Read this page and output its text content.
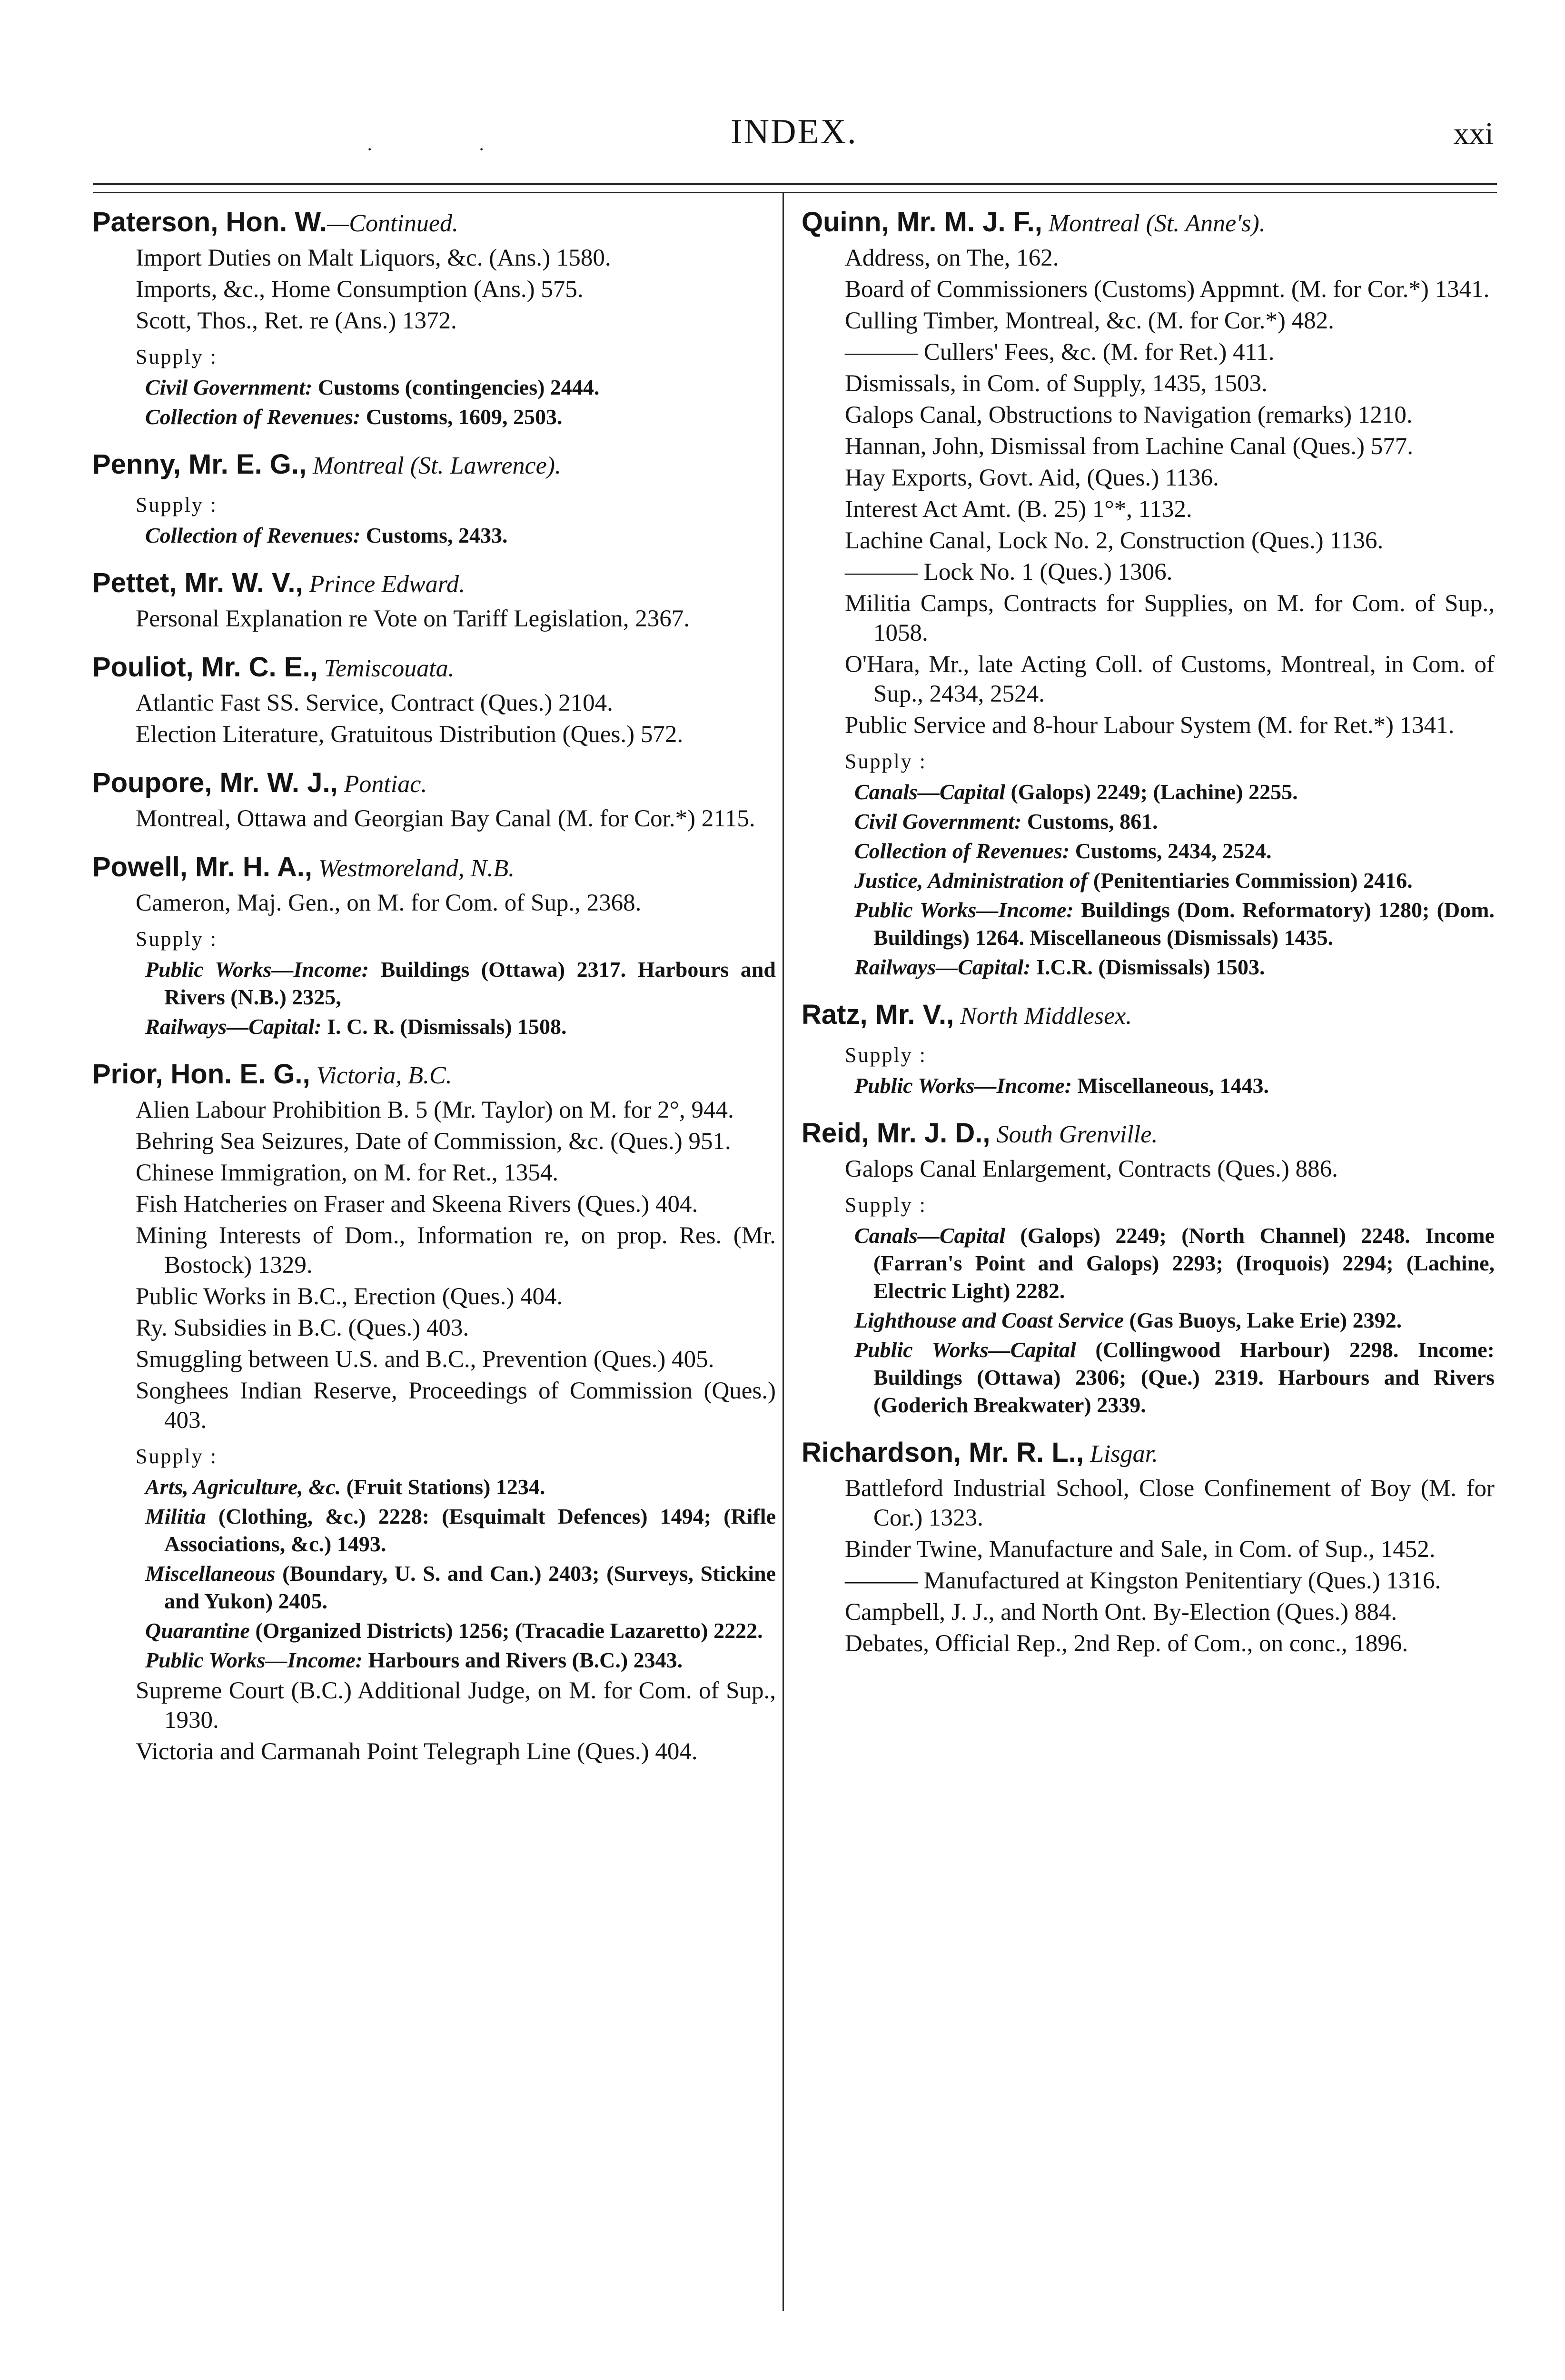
·	·	INDEX.	xxi
Paterson, Hon. W.—Continued.
Import Duties on Malt Liquors, &c. (Ans.) 1580.
Imports, &c., Home Consumption (Ans.) 575.
Scott, Thos., Ret. re (Ans.) 1372.
Supply :
Civil Government: Customs (contingencies) 2444.
Collection of Revenues: Customs, 1609, 2503.
Penny, Mr. E. G., Montreal (St. Lawrence).
Supply :
Collection of Revenues: Customs, 2433.
Pettet, Mr. W. V., Prince Edward.
Personal Explanation re Vote on Tariff Legislation, 2367.
Pouliot, Mr. C. E., Temiscouata.
Atlantic Fast SS. Service, Contract (Ques.) 2104.
Election Literature, Gratuitous Distribution (Ques.) 572.
Poupore, Mr. W. J., Pontiac.
Montreal, Ottawa and Georgian Bay Canal (M. for Cor.*) 2115.
Powell, Mr. H. A., Westmoreland, N.B.
Cameron, Maj. Gen., on M. for Com. of Sup., 2368.
Supply :
Public Works—Income: Buildings (Ottawa) 2317. Harbours and Rivers (N.B.) 2325,
Railways—Capital: I. C. R. (Dismissals) 1508.
Prior, Hon. E. G., Victoria, B.C.
Alien Labour Prohibition B. 5 (Mr. Taylor) on M. for 2°, 944.
Behring Sea Seizures, Date of Commission, &c. (Ques.) 951.
Chinese Immigration, on M. for Ret., 1354.
Fish Hatcheries on Fraser and Skeena Rivers (Ques.) 404.
Mining Interests of Dom., Information re, on prop. Res. (Mr. Bostock) 1329.
Public Works in B.C., Erection (Ques.) 404.
Ry. Subsidies in B.C. (Ques.) 403.
Smuggling between U.S. and B.C., Prevention (Ques.) 405.
Songhees Indian Reserve, Proceedings of Commission (Ques.) 403.
Supply :
Arts, Agriculture, &c. (Fruit Stations) 1234.
Militia (Clothing, &c.) 2228: (Esquimalt Defences) 1494; (Rifle Associations, &c.) 1493.
Miscellaneous (Boundary, U. S. and Can.) 2403; (Surveys, Stickine and Yukon) 2405.
Quarantine (Organized Districts) 1256; (Tracadie Lazaretto) 2222.
Public Works—Income: Harbours and Rivers (B.C.) 2343.
Supreme Court (B.C.) Additional Judge, on M. for Com. of Sup., 1930.
Victoria and Carmanah Point Telegraph Line (Ques.) 404.
Quinn, Mr. M. J. F., Montreal (St. Anne's).
Address, on The, 162.
Board of Commissioners (Customs) Appmnt. (M. for Cor.*) 1341.
Culling Timber, Montreal, &c. (M. for Cor.*) 482.
——— Cullers' Fees, &c. (M. for Ret.) 411.
Dismissals, in Com. of Supply, 1435, 1503.
Galops Canal, Obstructions to Navigation (remarks) 1210.
Hannan, John, Dismissal from Lachine Canal (Ques.) 577.
Hay Exports, Govt. Aid, (Ques.) 1136.
Interest Act Amt. (B. 25) 1°*, 1132.
Lachine Canal, Lock No. 2, Construction (Ques.) 1136.
——— Lock No. 1 (Ques.) 1306.
Militia Camps, Contracts for Supplies, on M. for Com. of Sup., 1058.
O'Hara, Mr., late Acting Coll. of Customs, Montreal, in Com. of Sup., 2434, 2524.
Public Service and 8-hour Labour System (M. for Ret.*) 1341.
Supply :
Canals—Capital (Galops) 2249; (Lachine) 2255.
Civil Government: Customs, 861.
Collection of Revenues: Customs, 2434, 2524.
Justice, Administration of (Penitentiaries Commission) 2416.
Public Works—Income: Buildings (Dom. Reformatory) 1280; (Dom. Buildings) 1264. Miscellaneous (Dismissals) 1435.
Railways—Capital: I.C.R. (Dismissals) 1503.
Ratz, Mr. V., North Middlesex.
Supply :
Public Works—Income: Miscellaneous, 1443.
Reid, Mr. J. D., South Grenville.
Galops Canal Enlargement, Contracts (Ques.) 886.
Supply :
Canals—Capital (Galops) 2249; (North Channel) 2248. Income (Farran's Point and Galops) 2293; (Iroquois) 2294; (Lachine, Electric Light) 2282.
Lighthouse and Coast Service (Gas Buoys, Lake Erie) 2392.
Public Works—Capital (Collingwood Harbour) 2298. Income: Buildings (Ottawa) 2306; (Que.) 2319. Harbours and Rivers (Goderich Breakwater) 2339.
Richardson, Mr. R. L., Lisgar.
Battleford Industrial School, Close Confinement of Boy (M. for Cor.) 1323.
Binder Twine, Manufacture and Sale, in Com. of Sup., 1452.
——— Manufactured at Kingston Penitentiary (Ques.) 1316.
Campbell, J. J., and North Ont. By-Election (Ques.) 884.
Debates, Official Rep., 2nd Rep. of Com., on conc., 1896.
